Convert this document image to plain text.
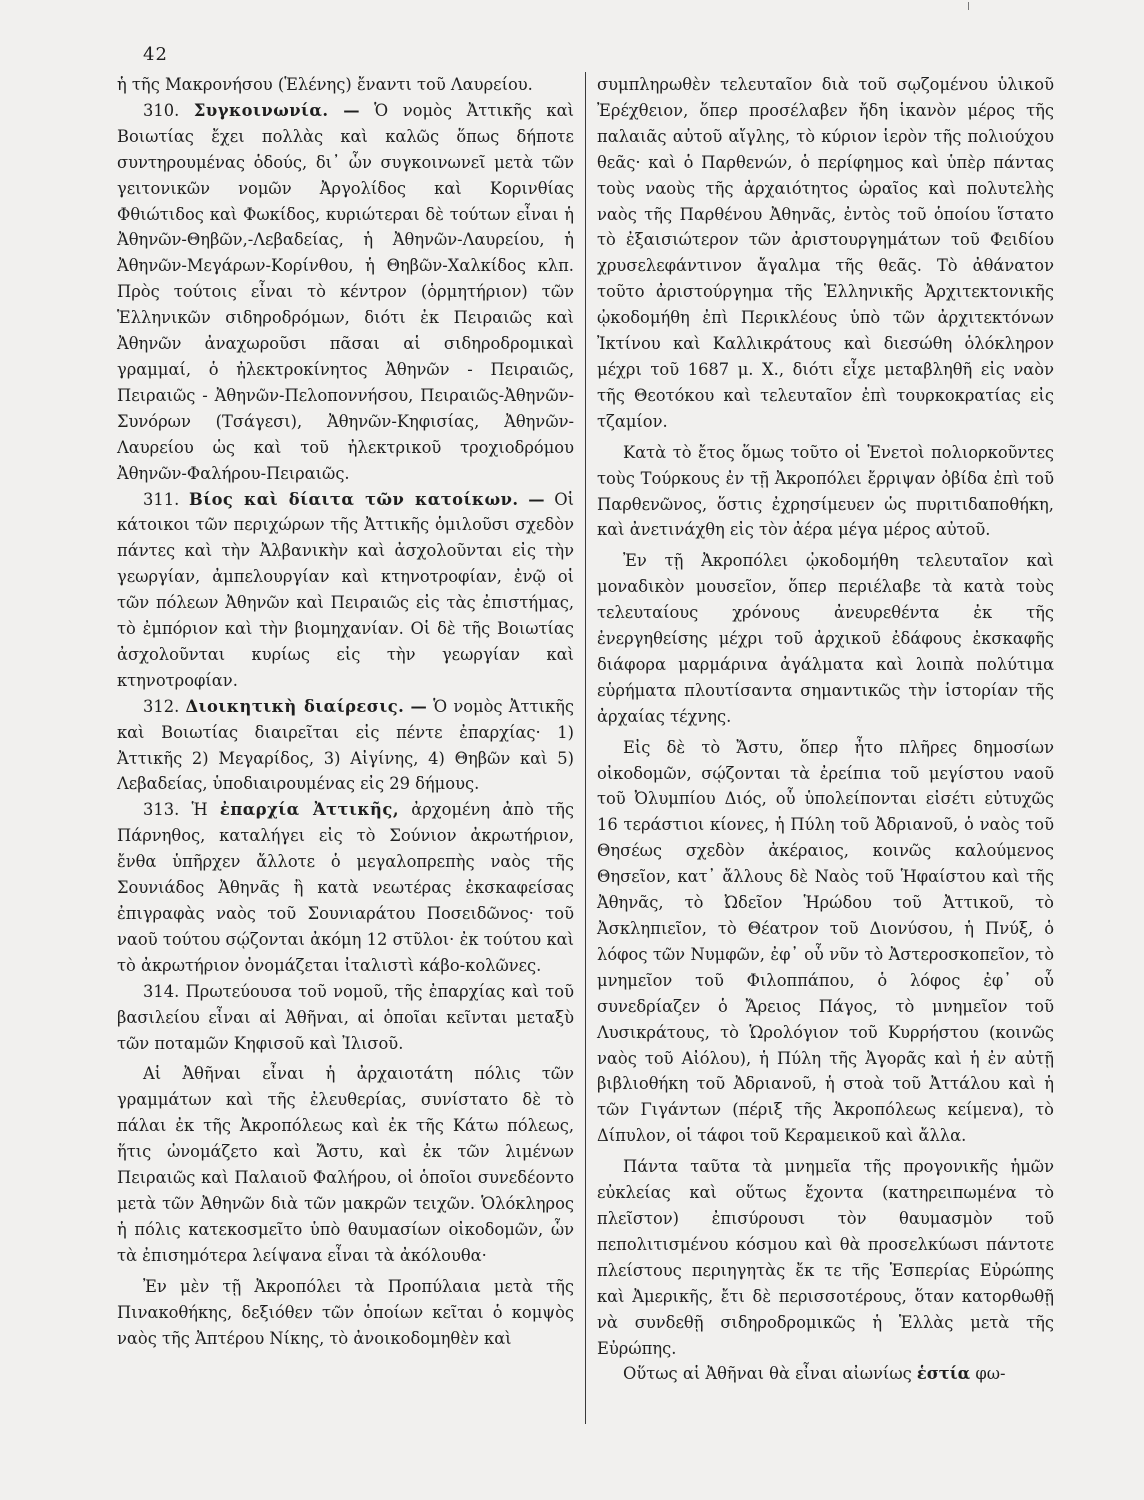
42

ἡ τῆς Μακρονήσου (Ἑλένης) ἔναντι τοῦ Λαυρείου.

310. Συγκοινωνία. — Ὁ νομὸς Ἀττικῆς καὶ Βοιωτίας ἔχει πολλὰς καὶ καλῶς ὅπως δήποτε συντηρουμένας ὁδούς, δι᾽ ὧν συγκοινωνεῖ μετὰ τῶν γειτονικῶν νομῶν Ἀργολίδος καὶ Κορινθίας Φθιώτιδος καὶ Φωκίδος, κυριώτεραι δὲ τούτων εἶναι ἡ Ἀθηνῶν-Θηβῶν,-Λεβαδείας, ἡ Ἀθηνῶν-Λαυρείου, ἡ Ἀθηνῶν-Μεγάρων-Κορίνθου, ἡ Θηβῶν-Χαλκίδος κλπ. Πρὸς τούτοις εἶναι τὸ κέντρον (ὁρμητήριον) τῶν Ἑλληνικῶν σιδηροδρόμων, διότι ἐκ Πειραιῶς καὶ Ἀθηνῶν ἀναχωροῦσι πᾶσαι αἱ σιδηροδρομικαὶ γραμμαί, ὁ ἠλεκτροκίνητος Ἀθηνῶν - Πειραιῶς, Πειραιῶς - Ἀθηνῶν-Πελοποννήσου, Πειραιῶς-Ἀθηνῶν-Συνόρων (Τσάγεσι), Ἀθηνῶν-Κηφισίας, Ἀθηνῶν-Λαυρείου ὡς καὶ τοῦ ἠλεκτρικοῦ τροχιοδρόμου Ἀθηνῶν-Φαλήρου-Πειραιῶς.

311. Βίος καὶ δίαιτα τῶν κατοίκων. — Οἱ κάτοικοι τῶν περιχώρων τῆς Ἀττικῆς ὁμιλοῦσι σχεδὸν πάντες καὶ τὴν Ἀλβανικὴν καὶ ἀσχολοῦνται εἰς τὴν γεωργίαν, ἀμπελουργίαν καὶ κτηνοτροφίαν, ἐνῷ οἱ τῶν πόλεων Ἀθηνῶν καὶ Πειραιῶς εἰς τὰς ἐπιστήμας, τὸ ἐμπόριον καὶ τὴν βιομηχανίαν. Οἱ δὲ τῆς Βοιωτίας ἀσχολοῦνται κυρίως εἰς τὴν γεωργίαν καὶ κτηνοτροφίαν.

312. Διοικητικὴ διαίρεσις. — Ὁ νομὸς Ἀττικῆς καὶ Βοιωτίας διαιρεῖται εἰς πέντε ἐπαρχίας· 1) Ἀττικῆς 2) Μεγαρίδος, 3) Αἰγίνης, 4) Θηβῶν καὶ 5) Λεβαδείας, ὑποδιαιρουμένας εἰς 29 δήμους.

313. Ἡ ἐπαρχία Ἀττικῆς, ἀρχομένη ἀπὸ τῆς Πάρνηθος, καταλήγει εἰς τὸ Σούνιον ἀκρωτήριον, ἔνθα ὑπῆρχεν ἄλλοτε ὁ μεγαλοπρεπὴς ναὸς τῆς Σουνιάδος Ἀθηνᾶς ἢ κατὰ νεωτέρας ἐκσκαφείσας ἐπιγραφὰς ναὸς τοῦ Σουνιαράτου Ποσειδῶνος· τοῦ ναοῦ τούτου σῴζονται ἀκόμη 12 στῦλοι· ἐκ τούτου καὶ τὸ ἀκρωτήριον ὀνομάζεται ἰταλιστὶ κάβο-κολῶνες.

314. Πρωτεύουσα τοῦ νομοῦ, τῆς ἐπαρχίας καὶ τοῦ βασιλείου εἶναι αἱ Ἀθῆναι, αἱ ὁποῖαι κεῖνται μεταξὺ τῶν ποταμῶν Κηφισοῦ καὶ Ἰλισοῦ.

Αἱ Ἀθῆναι εἶναι ἡ ἀρχαιοτάτη πόλις τῶν γραμμάτων καὶ τῆς ἐλευθερίας, συνίστατο δὲ τὸ πάλαι ἐκ τῆς Ἀκροπόλεως καὶ ἐκ τῆς Κάτω πόλεως, ἥτις ὠνομάζετο καὶ Ἄστυ, καὶ ἐκ τῶν λιμένων Πειραιῶς καὶ Παλαιοῦ Φαλήρου, οἱ ὁποῖοι συνεδέοντο μετὰ τῶν Ἀθηνῶν διὰ τῶν μακρῶν τειχῶν. Ὁλόκληρος ἡ πόλις κατεκοσμεῖτο ὑπὸ θαυμασίων οἰκοδομῶν, ὧν τὰ ἐπισημότερα λείψανα εἶναι τὰ ἀκόλουθα·

Ἐν μὲν τῇ Ἀκροπόλει τὰ Προπύλαια μετὰ τῆς Πινακοθήκης, δεξιόθεν τῶν ὁποίων κεῖται ὁ κομψὸς ναὸς τῆς Ἀπτέρου Νίκης, τὸ ἀνοικοδομηθὲν καὶ

συμπληρωθὲν τελευταῖον διὰ τοῦ σῳζομένου ὑλικοῦ Ἐρέχθειον, ὅπερ προσέλαβεν ἤδη ἱκανὸν μέρος τῆς παλαιᾶς αὐτοῦ αἴγλης, τὸ κύριον ἱερὸν τῆς πολιούχου θεᾶς· καὶ ὁ Παρθενών, ὁ περίφημος καὶ ὑπὲρ πάντας τοὺς ναοὺς τῆς ἀρχαιότητος ὡραῖος καὶ πολυτελὴς ναὸς τῆς Παρθένου Ἀθηνᾶς, ἐντὸς τοῦ ὁποίου ἵστατο τὸ ἐξαισιώτερον τῶν ἀριστουργημάτων τοῦ Φειδίου χρυσελεφάντινον ἄγαλμα τῆς θεᾶς. Τὸ ἀθάνατον τοῦτο ἀριστούργημα τῆς Ἑλληνικῆς Ἀρχιτεκτονικῆς ᾠκοδομήθη ἐπὶ Περικλέους ὑπὸ τῶν ἀρχιτεκτόνων Ἰκτίνου καὶ Καλλικράτους καὶ διεσώθη ὁλόκληρον μέχρι τοῦ 1687 μ. Χ., διότι εἶχε μεταβληθῆ εἰς ναὸν τῆς Θεοτόκου καὶ τελευταῖον ἐπὶ τουρκοκρατίας εἰς τζαμίον.

Κατὰ τὸ ἔτος ὅμως τοῦτο οἱ Ἑνετοὶ πολιορκοῦντες τοὺς Τούρκους ἐν τῇ Ἀκροπόλει ἔρριψαν ὀβίδα ἐπὶ τοῦ Παρθενῶνος, ὅστις ἐχρησίμευεν ὡς πυριτιδαποθήκη, καὶ ἀνετινάχθη εἰς τὸν ἀέρα μέγα μέρος αὐτοῦ.

Ἐν τῇ Ἀκροπόλει ᾠκοδομήθη τελευταῖον καὶ μοναδικὸν μουσεῖον, ὅπερ περιέλαβε τὰ κατὰ τοὺς τελευταίους χρόνους ἀνευρεθέντα ἐκ τῆς ἐνεργηθείσης μέχρι τοῦ ἀρχικοῦ ἐδάφους ἐκσκαφῆς διάφορα μαρμάρινα ἀγάλματα καὶ λοιπὰ πολύτιμα εὑρήματα πλουτίσαντα σημαντικῶς τὴν ἱστορίαν τῆς ἀρχαίας τέχνης.

Εἰς δὲ τὸ Ἄστυ, ὅπερ ἦτο πλῆρες δημοσίων οἰκοδομῶν, σῴζονται τὰ ἐρείπια τοῦ μεγίστου ναοῦ τοῦ Ὀλυμπίου Διός, οὗ ὑπολείπονται εἰσέτι εὐτυχῶς 16 τεράστιοι κίονες, ἡ Πύλη τοῦ Ἀδριανοῦ, ὁ ναὸς τοῦ Θησέως σχεδὸν ἀκέραιος, κοινῶς καλούμενος Θησεῖον, κατ᾽ ἄλλους δὲ Ναὸς τοῦ Ἡφαίστου καὶ τῆς Ἀθηνᾶς, τὸ Ὠδεῖον Ἡρώδου τοῦ Ἀττικοῦ, τὸ Ἀσκληπιεῖον, τὸ Θέατρον τοῦ Διονύσου, ἡ Πνύξ, ὁ λόφος τῶν Νυμφῶν, ἐφ᾽ οὗ νῦν τὸ Ἀστεροσκοπεῖον, τὸ μνημεῖον τοῦ Φιλοππάπου, ὁ λόφος ἐφ᾽ οὗ συνεδρίαζεν ὁ Ἄρειος Πάγος, τὸ μνημεῖον τοῦ Λυσικράτους, τὸ Ὡρολόγιον τοῦ Κυρρήστου (κοινῶς ναὸς τοῦ Αἰόλου), ἡ Πύλη τῆς Ἀγορᾶς καὶ ἡ ἐν αὐτῇ βιβλιοθήκη τοῦ Ἀδριανοῦ, ἡ στοὰ τοῦ Ἀττάλου καὶ ἡ τῶν Γιγάντων (πέριξ τῆς Ἀκροπόλεως κείμενα), τὸ Δίπυλον, οἱ τάφοι τοῦ Κεραμεικοῦ καὶ ἄλλα.

Πάντα ταῦτα τὰ μνημεῖα τῆς προγονικῆς ἡμῶν εὐκλείας καὶ οὕτως ἔχοντα (κατηρειπωμένα τὸ πλεῖστον) ἐπισύρουσι τὸν θαυμασμὸν τοῦ πεπολιτισμένου κόσμου καὶ θὰ προσελκύωσι πάντοτε πλείστους περιηγητὰς ἔκ τε τῆς Ἑσπερίας Εὐρώπης καὶ Ἀμερικῆς, ἔτι δὲ περισσοτέρους, ὅταν κατορθωθῇ νὰ συνδεθῇ σιδηροδρομικῶς ἡ Ἑλλὰς μετὰ τῆς Εὐρώπης.

Οὕτως αἱ Ἀθῆναι θὰ εἶναι αἰωνίως ἑστία φω-
